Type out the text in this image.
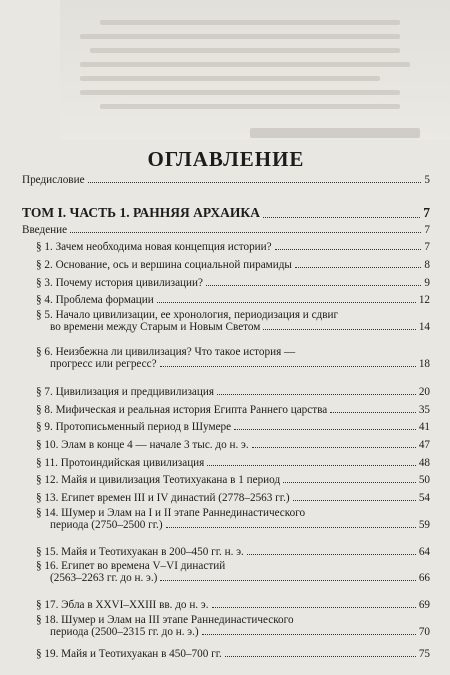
ОГЛАВЛЕНИЕ
Предисловие	5
ТОМ I. ЧАСТЬ 1. РАННЯЯ АРХАИКА	7
Введение	7
§ 1. Зачем необходима новая концепция истории?	7
§ 2. Основание, ось и вершина социальной пирамиды	8
§ 3. Почему история цивилизации?	9
§ 4. Проблема формации	12
§ 5. Начало цивилизации, ее хронология, периодизация и сдвиг
во времени между Старым и Новым Светом	14
§ 6. Неизбежна ли цивилизация? Что такое история —
прогресс или регресс?	18
§ 7. Цивилизация и предцивилизация	20
§ 8. Мифическая и реальная история Египта Раннего царства	35
§ 9. Протописьменный период в Шумере	41
§ 10. Элам в конце 4 — начале 3 тыс. до н. э.	47
§ 11. Протоиндийская цивилизация	48
§ 12. Майя и цивилизация Теотихуакана в 1 период	50
§ 13. Египет времен III и IV династий (2778–2563 гг.)	54
§ 14. Шумер и Элам на I и II этапе Раннединастического
периода (2750–2500 гг.)	59
§ 15. Майя и Теотихуакан в 200–450 гг. н. э.	64
§ 16. Египет во времена V–VI династий
(2563–2263 гг. до н. э.)	66
§ 17. Эбла в XXVI–XXIII вв. до н. э.	69
§ 18. Шумер и Элам на III этапе Раннединастического
периода (2500–2315 гг. до н. э.)	70
§ 19. Майя и Теотихуакан в 450–700 гг.	75
